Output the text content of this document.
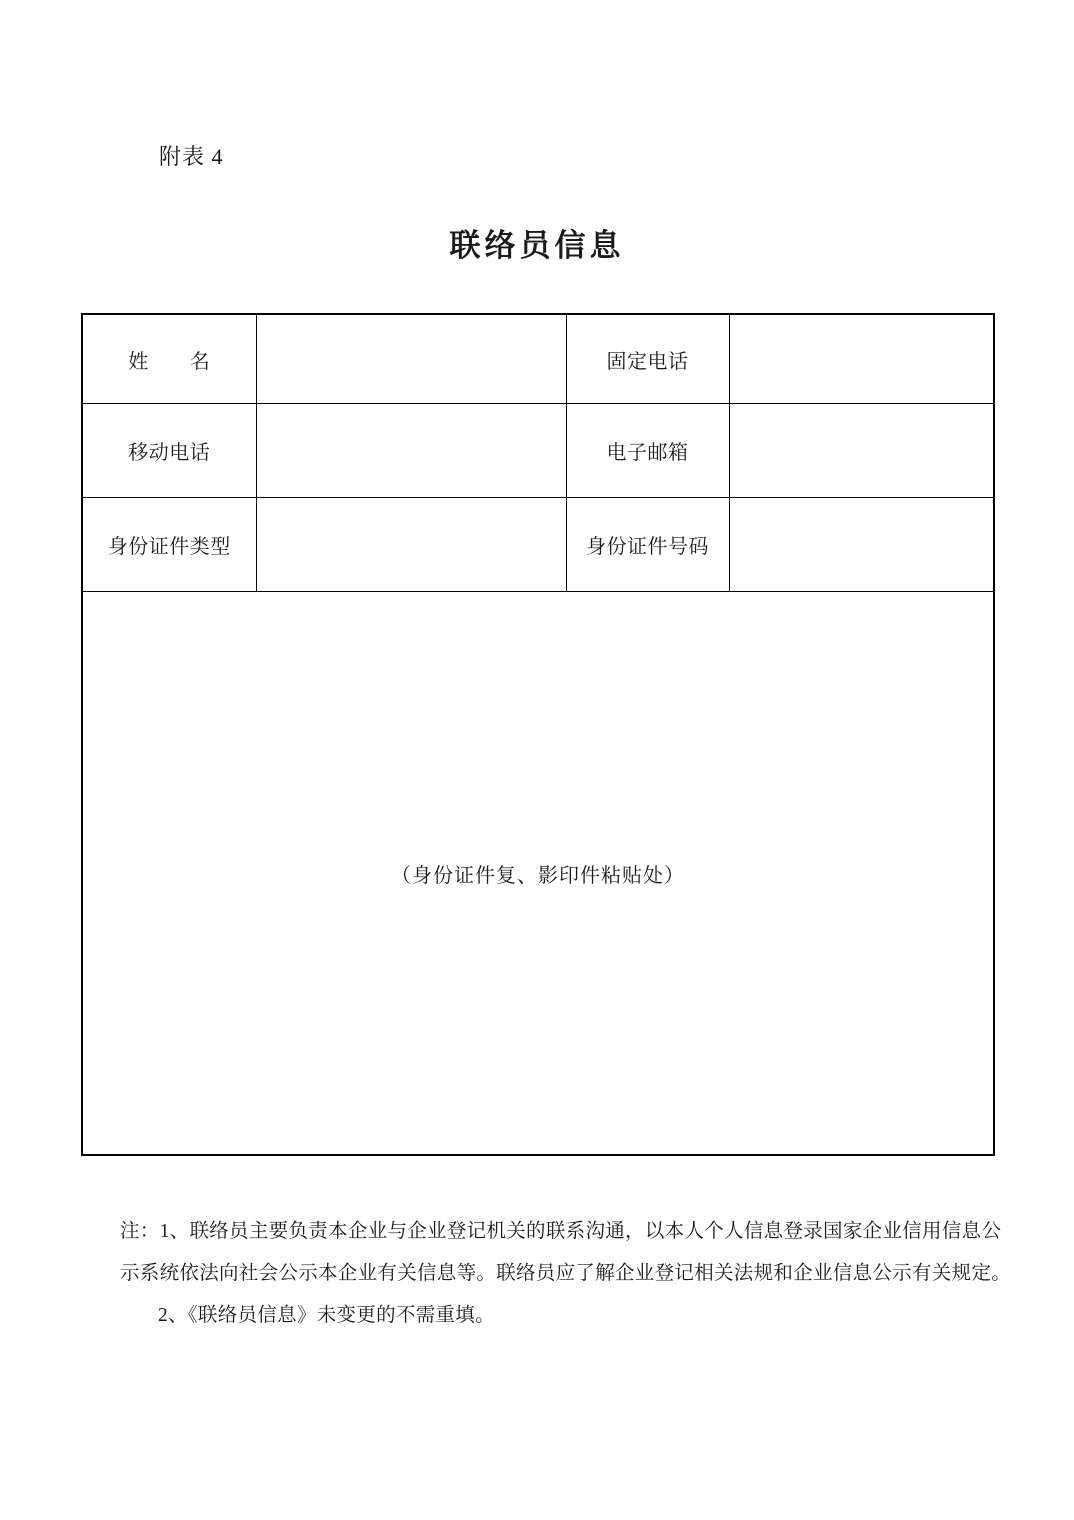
附表 4
联络员信息
姓　　名		固定电话	
移动电话		电子邮箱	
身份证件类型		身份证件号码	
（身份证件复、影印件粘贴处）			
注：1、联络员主要负责本企业与企业登记机关的联系沟通，以本人个人信息登录国家企业信用信息公
示系统依法向社会公示本企业有关信息等。联络员应了解企业登记相关法规和企业信息公示有关规定。
2、《联络员信息》未变更的不需重填。
